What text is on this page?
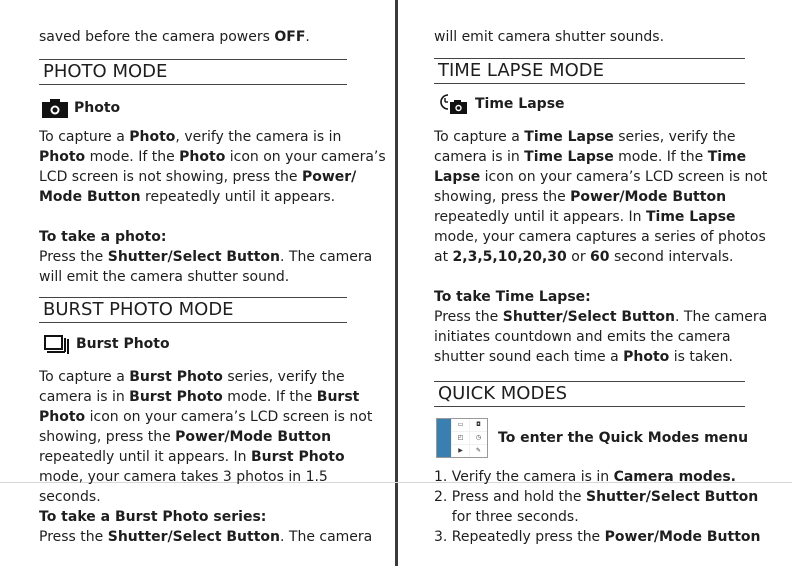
saved before the camera powers OFF.
PHOTO MODE
Photo
To capture a Photo, verify the camera is in
Photo mode. If the Photo icon on your camera’s
LCD screen is not showing, press the Power/
Mode Button repeatedly until it appears.
To take a photo:
Press the Shutter/Select Button. The camera
will emit the camera shutter sound.
BURST PHOTO MODE
Burst Photo
To capture a Burst Photo series, verify the
camera is in Burst Photo mode. If the Burst
Photo icon on your camera’s LCD screen is not
showing, press the Power/Mode Button
repeatedly until it appears. In Burst Photo
mode, your camera takes 3 photos in 1.5
seconds.
To take a Burst Photo series:
Press the Shutter/Select Button. The camera
will emit camera shutter sounds.
TIME LAPSE MODE
Time Lapse
To capture a Time Lapse series, verify the
camera is in Time Lapse mode. If the Time
Lapse icon on your camera’s LCD screen is not
showing, press the Power/Mode Button
repeatedly until it appears. In Time Lapse
mode, your camera captures a series of photos
at 2,3,5,10,20,30 or 60 second intervals.
To take Time Lapse:
Press the Shutter/Select Button. The camera
initiates countdown and emits the camera
shutter sound each time a Photo is taken.
QUICK MODES
▭	◘
◰	◷
▶	✎
To enter the Quick Modes menu
1. Verify the camera is in Camera modes.
2. Press and hold the Shutter/Select Button
for three seconds.
3. Repeatedly press the Power/Mode Button
